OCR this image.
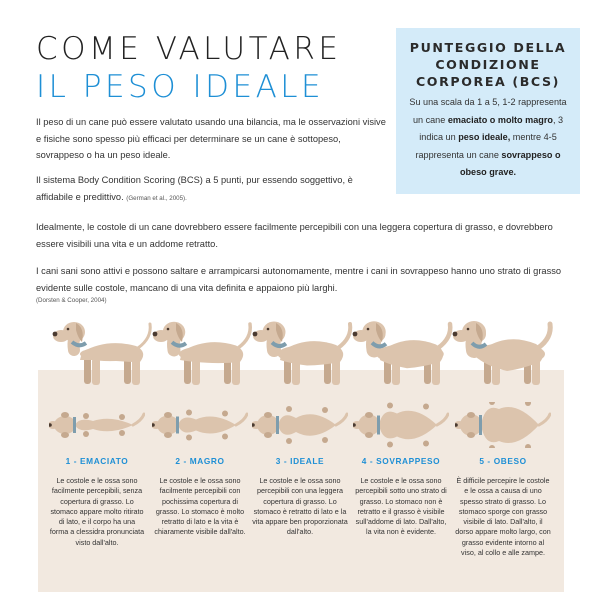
COME VALUTARE
IL PESO IDEALE
PUNTEGGIO DELLA
CONDIZIONE
CORPOREA (BCS)
Su una scala da 1 a 5, 1-2 rappresenta un cane emaciato o molto magro, 3 indica un peso ideale, mentre 4-5 rappresenta un cane sovrappeso o obeso grave.

Il peso di un cane può essere valutato usando una bilancia, ma le osservazioni visive e fisiche sono spesso più efficaci per determinare se un cane è sottopeso, sovrappeso o ha un peso ideale.

Il sistema Body Condition Scoring (BCS) a 5 punti, pur essendo soggettivo, è affidabile e predittivo. (German et al., 2005).

Idealmente, le costole di un cane dovrebbero essere facilmente percepibili con una leggera copertura di grasso, e dovrebbero essere visibili una vita e un addome retratto.

I cani sani sono attivi e possono saltare e arrampicarsi autonomamente, mentre i cani in sovrappeso hanno uno strato di grasso evidente sulle costole, mancano di una vita definita e appaiono più larghi.

(Dorsten & Cooper, 2004)
1 - EMACIATO	2 - MAGRO	3 - IDEALE	4 - SOVRAPPESO	5 - OBESO
Le costole e le ossa sono facilmente percepibili, senza copertura di grasso. Lo stomaco appare molto ritirato di lato, e il corpo ha una forma a clessidra pronunciata visto dall'alto.
Le costole e le ossa sono facilmente percepibili con pochissima copertura di grasso. Lo stomaco è molto retratto di lato e la vita è chiaramente visibile dall'alto.
Le costole e le ossa sono percepibili con una leggera copertura di grasso. Lo stomaco è retratto di lato e la vita appare ben proporzionata dall'alto.
Le costole e le ossa sono percepibili sotto uno strato di grasso. Lo stomaco non è retratto e il grasso è visibile sull'addome di lato. Dall'alto, la vita non è evidente.
È difficile percepire le costole e le ossa a causa di uno spesso strato di grasso. Lo stomaco sporge con grasso visibile di lato. Dall'alto, il dorso appare molto largo, con grasso evidente intorno al viso, al collo e alle zampe.
